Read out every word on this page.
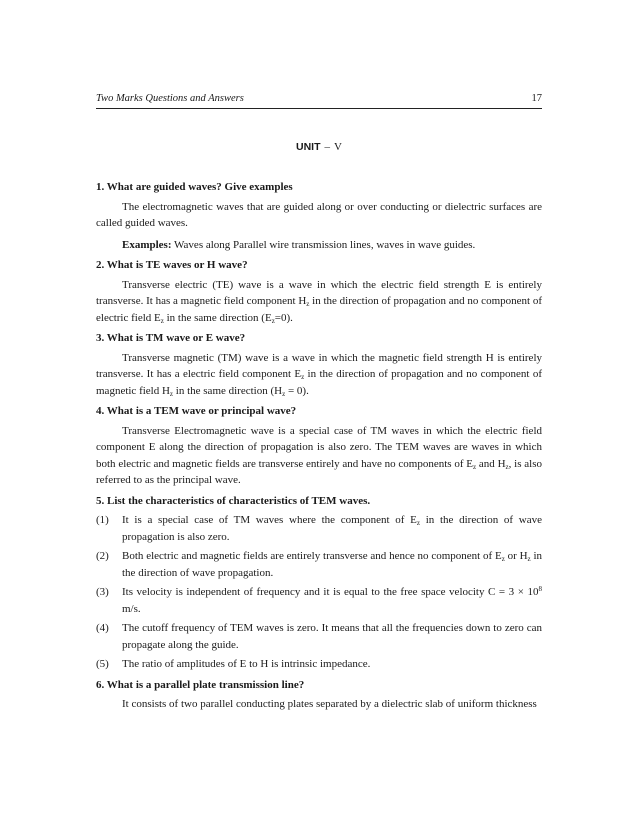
Two Marks Questions and Answers	17
UNIT – V

1. What are guided waves? Give examples

The electromagnetic waves that are guided along or over conducting or dielectric surfaces are called guided waves.

Examples: Waves along Parallel wire transmission lines, waves in wave guides.

2. What is TE waves or H wave?

Transverse electric (TE) wave is a wave in which the electric field strength E is entirely transverse. It has a magnetic field component $H_z$ in the direction of propagation and no component of electric field $E_z$ in the same direction $(E_z=0)$.

3. What is TM wave or E wave?

Transverse magnetic (TM) wave is a wave in which the magnetic field strength H is entirely transverse. It has a electric field component $E_z$ in the direction of propagation and no component of magnetic field $H_z$ in the same direction $(H_z = 0)$.

4. What is a TEM wave or principal wave?

Transverse Electromagnetic wave is a special case of TM waves in which the electric field component E along the direction of propagation is also zero. The TEM waves are waves in which both electric and magnetic fields are transverse entirely and have no components of $E_z$ and $H_z$, is also referred to as the principal wave.

5. List the characteristics of characteristics of TEM waves.

(1) It is a special case of TM waves where the component of $E_z$ in the direction of wave propagation is also zero.
(2) Both electric and magnetic fields are entirely transverse and hence no component of $E_z$ or $H_z$ in the direction of wave propagation.
(3) Its velocity is independent of frequency and it is equal to the free space velocity $C = 3 \times 10^8$ m/s.
(4) The cutoff frequency of TEM waves is zero. It means that all the frequencies down to zero can propagate along the guide.
(5) The ratio of amplitudes of E to H is intrinsic impedance.

6. What is a parallel plate transmission line?

It consists of two parallel conducting plates separated by a dielectric slab of uniform thickness
